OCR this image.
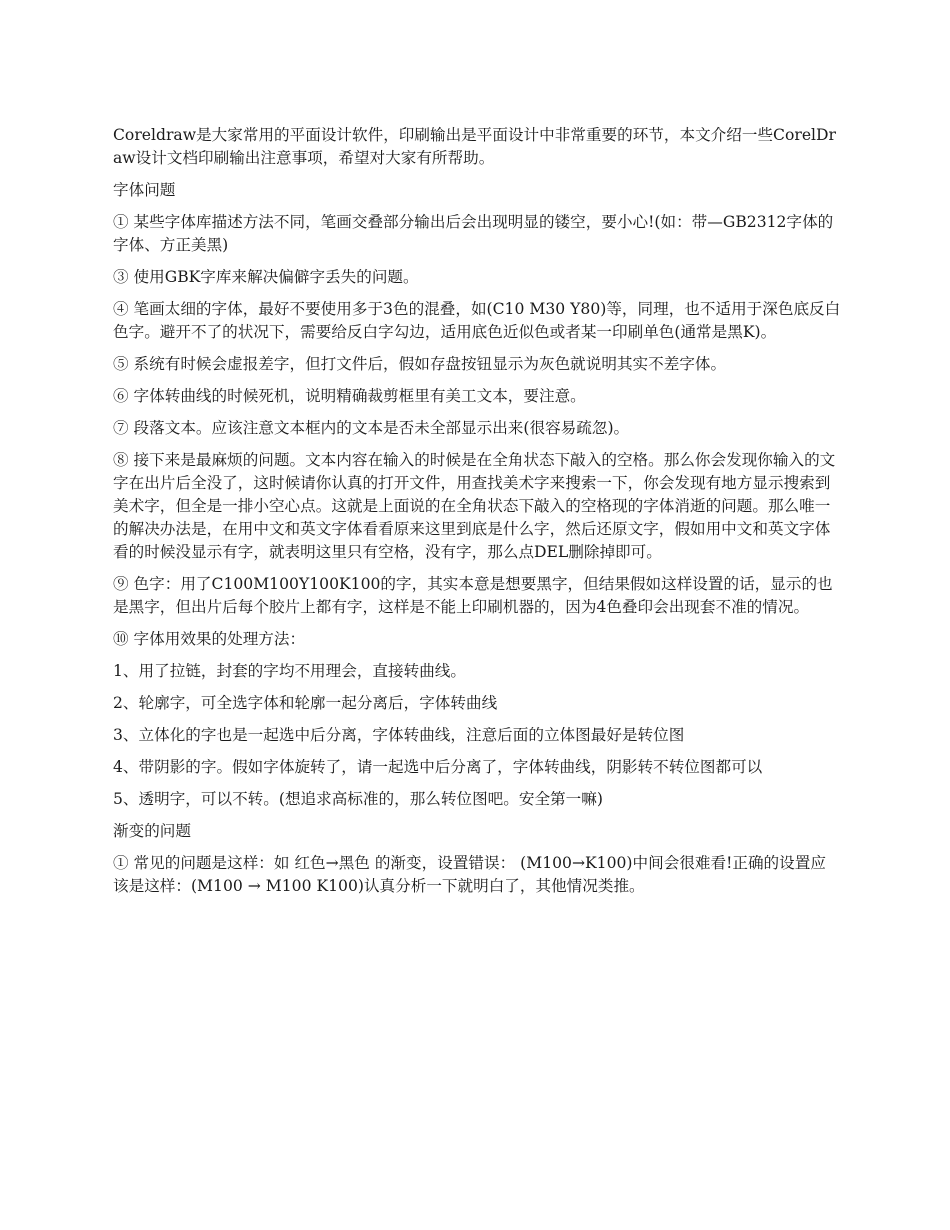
Coreldraw是大家常用的平面设计软件，印刷输出是平面设计中非常重要的环节，本文介绍一些CorelDraw设计文档印刷输出注意事项，希望对大家有所帮助。

字体问题

① 某些字体库描述方法不同，笔画交叠部分输出后会出现明显的镂空，要小心!(如：带—GB2312字体的字体、方正美黑)

③ 使用GBK字库来解决偏僻字丢失的问题。

④ 笔画太细的字体，最好不要使用多于3色的混叠，如(C10 M30 Y80)等，同理，也不适用于深色底反白色字。避开不了的状况下，需要给反白字勾边，适用底色近似色或者某一印刷单色(通常是黑K)。

⑤ 系统有时候会虚报差字，但打文件后，假如存盘按钮显示为灰色就说明其实不差字体。

⑥ 字体转曲线的时候死机，说明精确裁剪框里有美工文本，要注意。

⑦ 段落文本。应该注意文本框内的文本是否未全部显示出来(很容易疏忽)。

⑧ 接下来是最麻烦的问题。文本内容在输入的时候是在全角状态下敲入的空格。那么你会发现你输入的文字在出片后全没了，这时候请你认真的打开文件，用查找美术字来搜索一下，你会发现有地方显示搜索到美术字，但全是一排小空心点。这就是上面说的在全角状态下敲入的空格现的字体消逝的问题。那么唯一的解决办法是，在用中文和英文字体看看原来这里到底是什么字，然后还原文字，假如用中文和英文字体看的时候没显示有字，就表明这里只有空格，没有字，那么点DEL删除掉即可。

⑨ 色字：用了C100M100Y100K100的字，其实本意是想要黑字，但结果假如这样设置的话，显示的也是黑字，但出片后每个胶片上都有字，这样是不能上印刷机器的，因为4色叠印会出现套不准的情况。

⑩ 字体用效果的处理方法：

1、用了拉链，封套的字均不用理会，直接转曲线。

2、轮廓字，可全选字体和轮廓一起分离后，字体转曲线

3、立体化的字也是一起选中后分离，字体转曲线，注意后面的立体图最好是转位图

4、带阴影的字。假如字体旋转了，请一起选中后分离了，字体转曲线，阴影转不转位图都可以

5、透明字，可以不转。(想追求高标准的，那么转位图吧。安全第一嘛)

渐变的问题

① 常见的问题是这样：如 红色→黑色 的渐变，设置错误： (M100→K100)中间会很难看!正确的设置应该是这样：(M100 → M100 K100)认真分析一下就明白了，其他情况类推。
